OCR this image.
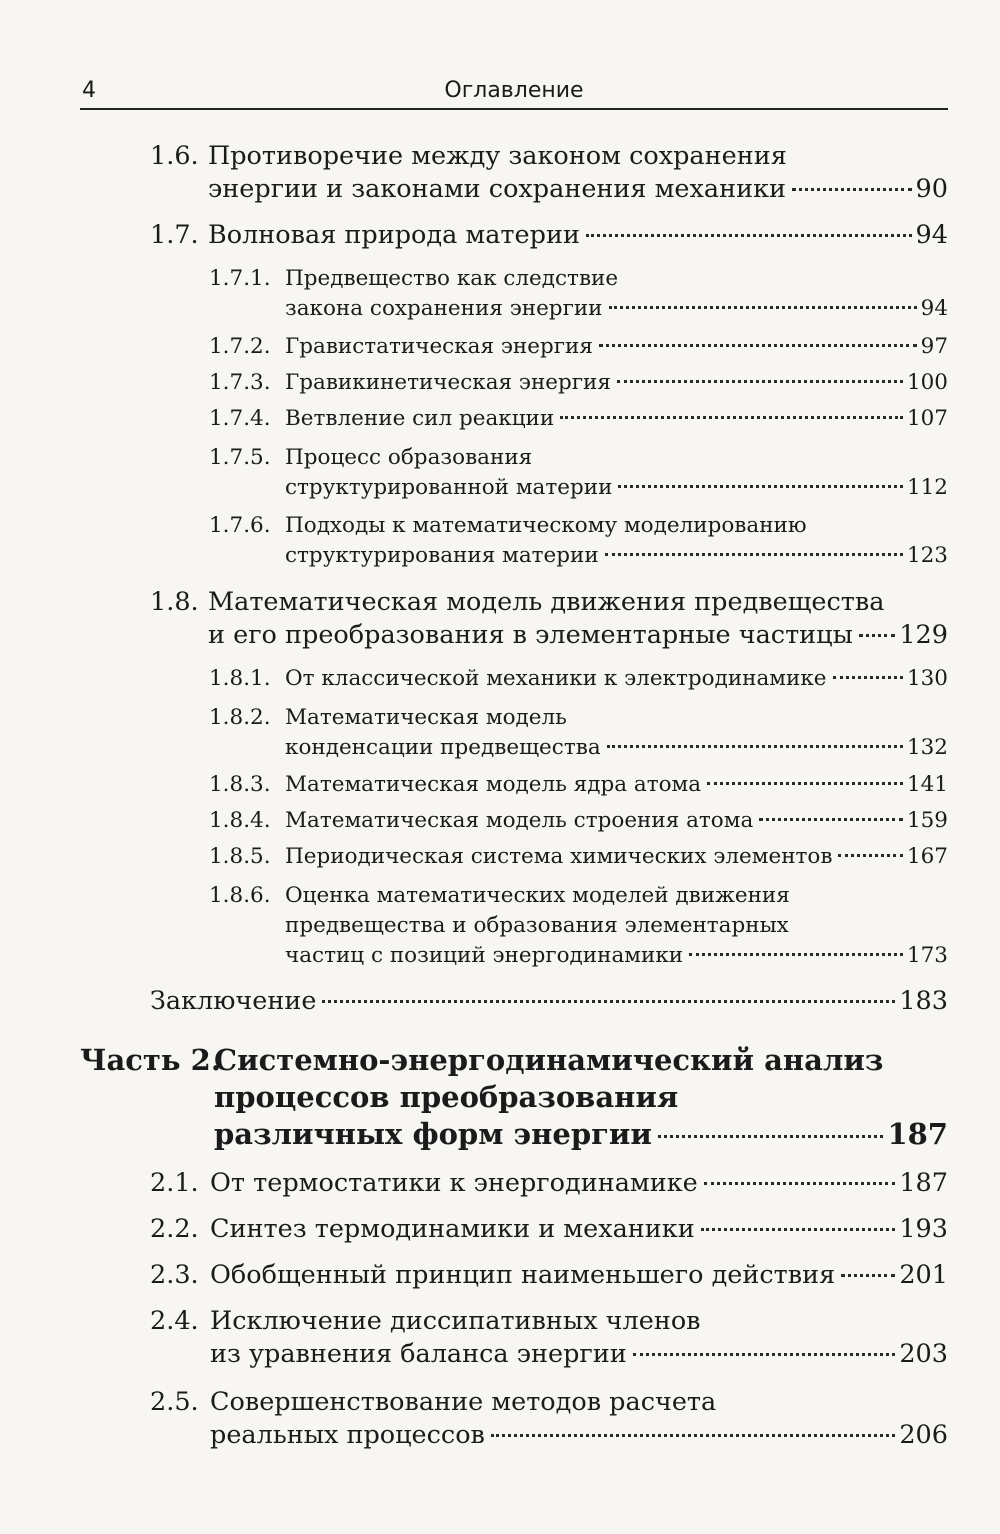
4	Оглавление
1.6. Противоречие между законом сохранения
энергии и законами сохранения механики	90
1.7. Волновая природа материи	94
1.7.1. Предвещество как следствие
закона сохранения энергии	94
1.7.2. Гравистатическая энергия	97
1.7.3. Гравикинетическая энергия	100
1.7.4. Ветвление сил реакции	107
1.7.5. Процесс образования
структурированной материи	112
1.7.6. Подходы к математическому моделированию
структурирования материи	123
1.8. Математическая модель движения предвещества
и его преобразования в элементарные частицы 129
1.8.1. От классической механики к электродинамике	130
1.8.2. Математическая модель
конденсации предвещества	132
1.8.3. Математическая модель ядра атома	141
1.8.4. Математическая модель строения атома	159
1.8.5. Периодическая система химических элементов	167
1.8.6. Оценка математических моделей движения
предвещества и образования элементарных
частиц с позиций энергодинамики	173
Заключение	183
Часть 2.
Системно-энергодинамический анализ
процессов преобразования
различных форм энергии	187
2.1. От термостатики к энергодинамике	187
2.2. Синтез термодинамики и механики	193
2.3. Обобщенный принцип наименьшего действия	201
2.4. Исключение диссипативных членов
из уравнения баланса энергии	203
2.5. Совершенствование методов расчета
реальных процессов	206
